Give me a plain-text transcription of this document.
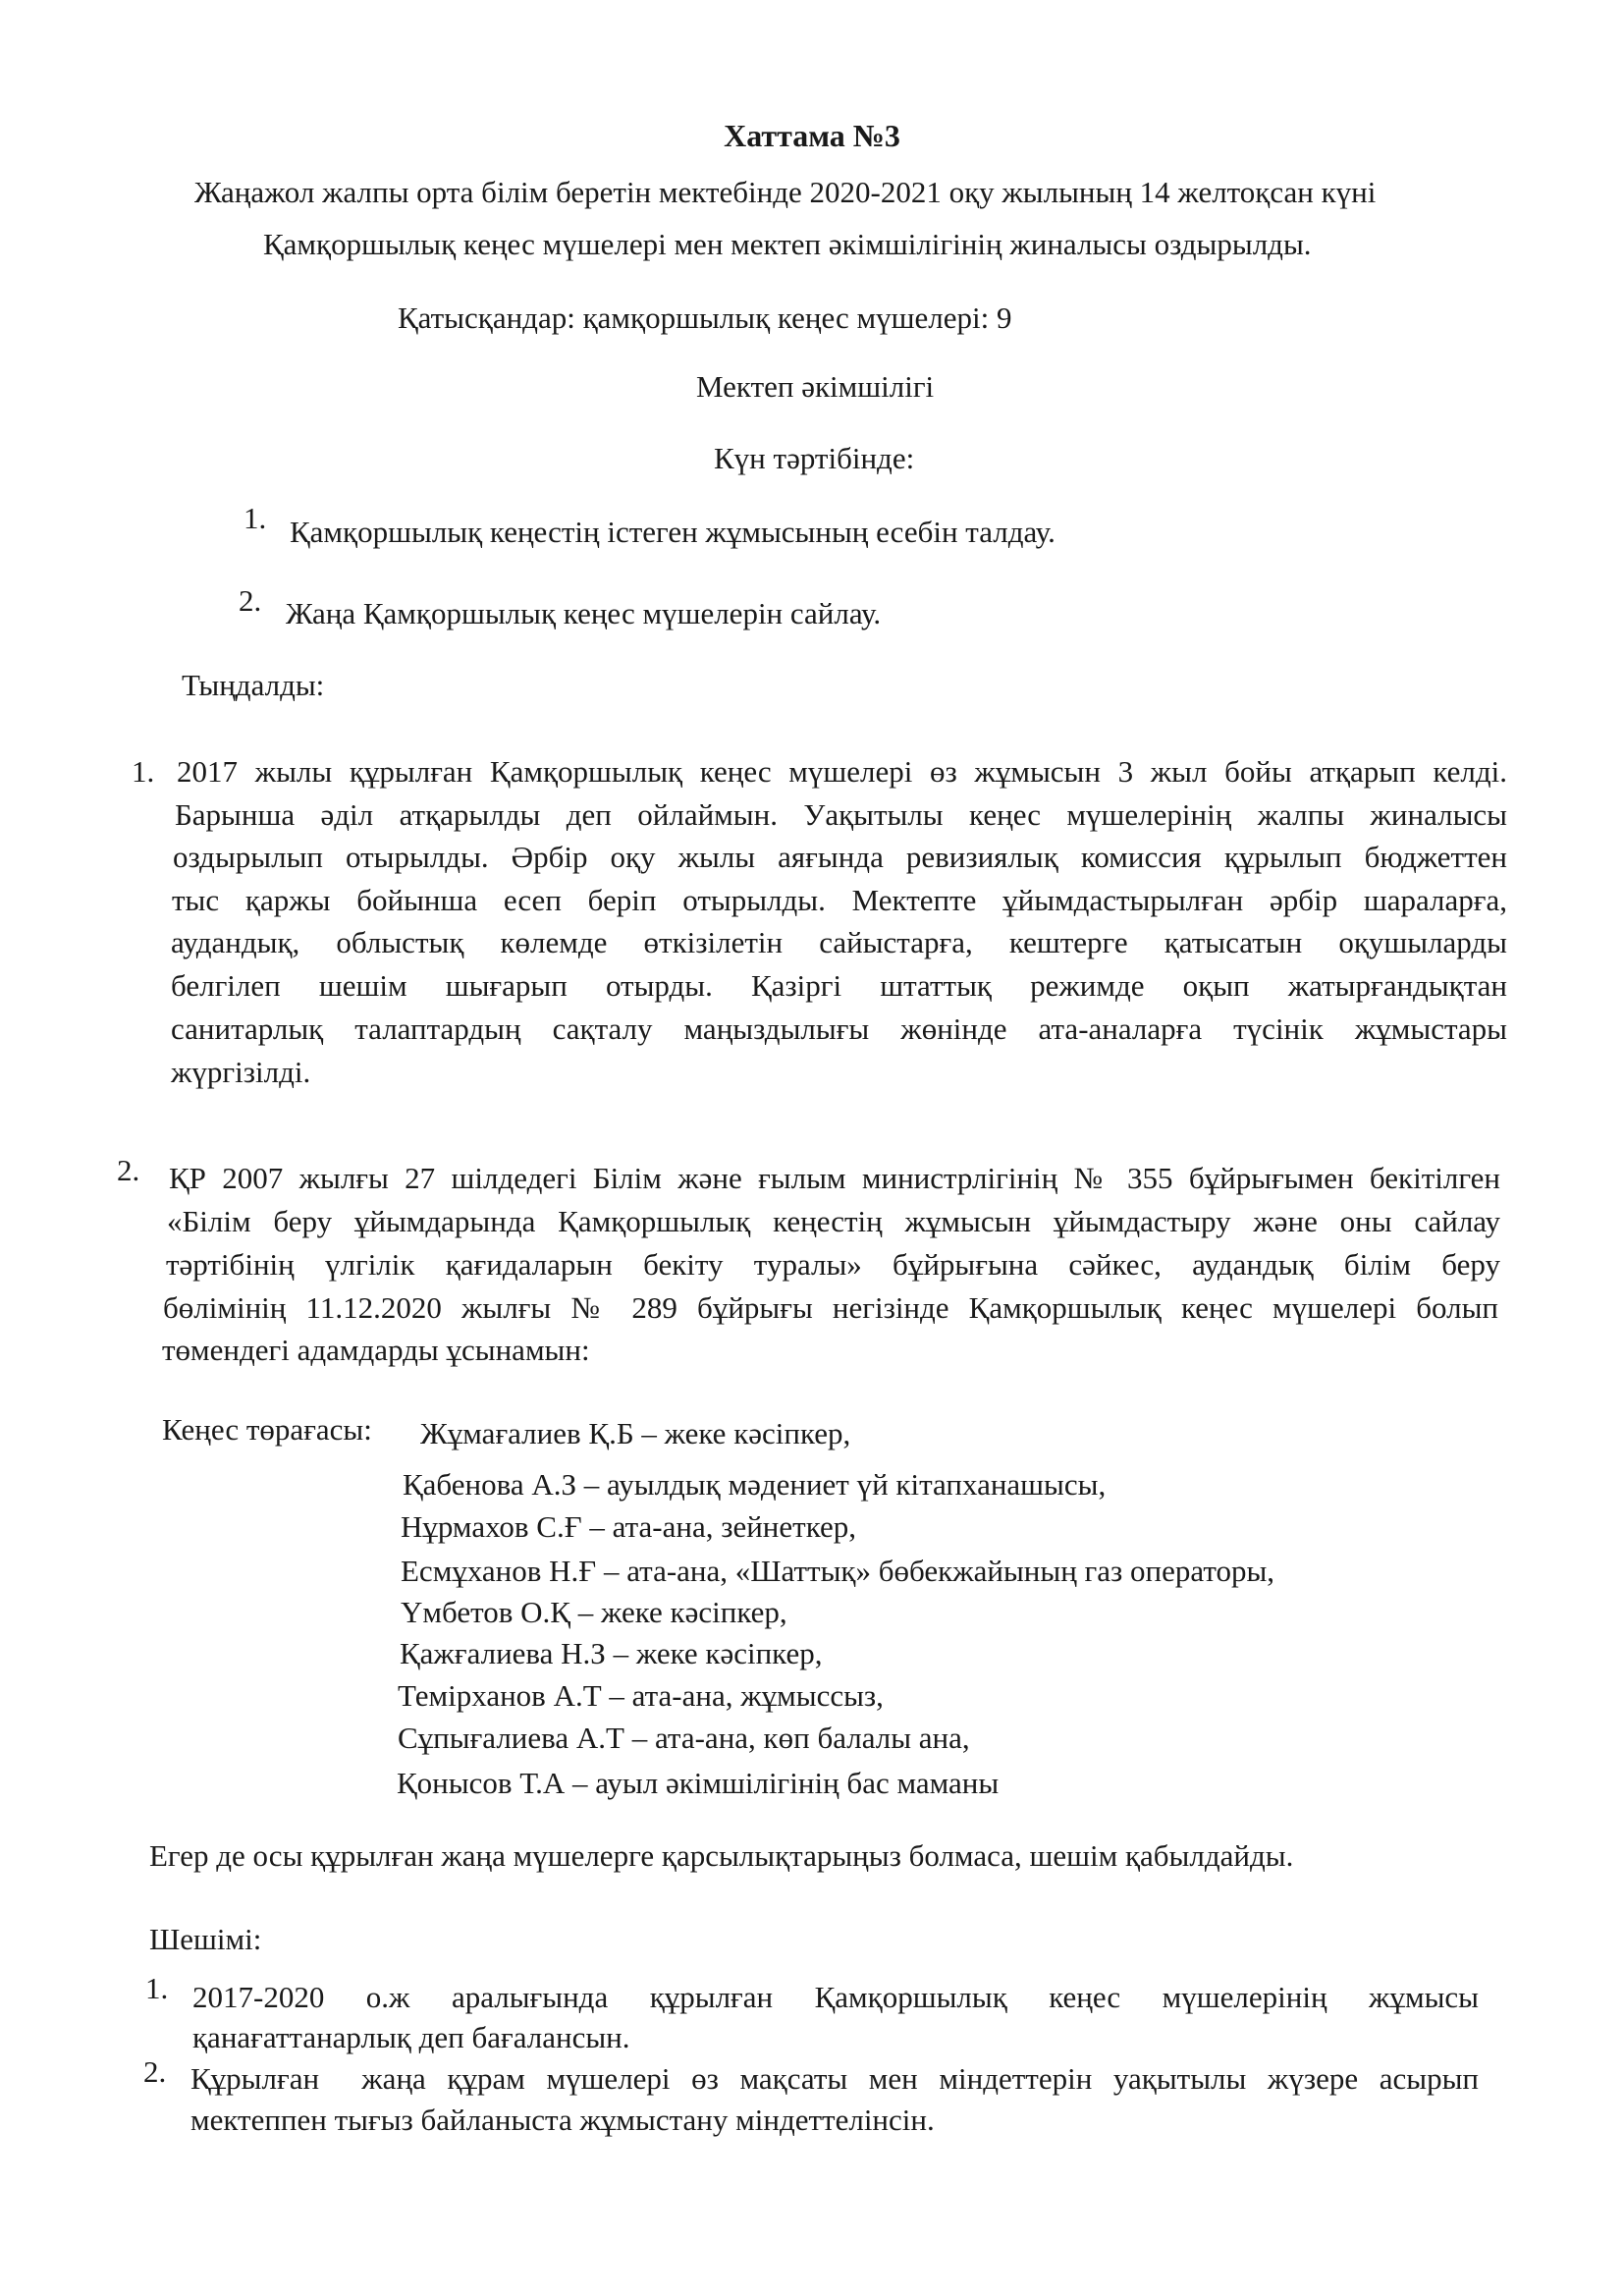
Хаттама №3
Жаңажол жалпы орта білім беретін мектебінде 2020-2021 оқу жылының 14 желтоқсан күні
Қамқоршылық кеңес мүшелері мен мектеп әкімшілігінің жиналысы оздырылды.
Қатысқандар: қамқоршылық кеңес мүшелері: 9
Мектеп әкімшілігі
Күн тәртібінде:
1. Қамқоршылық кеңестің істеген жұмысының есебін талдау.
2. Жаңа Қамқоршылық кеңес мүшелерін сайлау.
Тыңдалды:
1. 2017 жылы құрылған Қамқоршылық кеңес мүшелері өз жұмысын 3 жыл бойы атқарып келді.
Барынша әділ атқарылды деп ойлаймын. Уақытылы кеңес мүшелерінің жалпы жиналысы
оздырылып отырылды. Әрбір оқу жылы аяғында ревизиялық комиссия құрылып бюджеттен
тыс қаржы бойынша есеп беріп отырылды. Мектепте ұйымдастырылған әрбір шараларға,
аудандық, облыстық көлемде өткізілетін сайыстарға, кештерге қатысатын оқушыларды
белгілеп шешім шығарып отырды. Қазіргі штаттық режимде оқып жатырғандықтан
санитарлық талаптардың сақталу маңыздылығы жөнінде ата-аналарға түсінік жұмыстары
жүргізілді.
2. ҚР 2007 жылғы 27 шілдедегі Білім және ғылым министрлігінің № 355 бұйрығымен бекітілген
«Білім беру ұйымдарында Қамқоршылық кеңестің жұмысын ұйымдастыру және оны сайлау
тәртібінің үлгілік қағидаларын бекіту туралы» бұйрығына сәйкес, аудандық білім беру
бөлімінің 11.12.2020 жылғы № 289 бұйрығы негізінде Қамқоршылық кеңес мүшелері болып
төмендегі адамдарды ұсынамын:
Кеңес төрағасы: Жұмағалиев Қ.Б – жеке кәсіпкер,
Қабенова А.З – ауылдық мәдениет үй кітапханашысы,
Нұрмахов С.Ғ – ата-ана, зейнеткер,
Есмұханов Н.Ғ – ата-ана, «Шаттық» бөбекжайының газ операторы,
Үмбетов О.Қ – жеке кәсіпкер,
Қажғалиева Н.З – жеке кәсіпкер,
Темірханов А.Т – ата-ана, жұмыссыз,
Сұпығалиева А.Т – ата-ана, көп балалы ана,
Қонысов Т.А – ауыл әкімшілігінің бас маманы
Егер де осы құрылған жаңа мүшелерге қарсылықтарыңыз болмаса, шешім қабылдайды.
Шешімі:
1. 2017-2020 о.ж аралығында құрылған Қамқоршылық кеңес мүшелерінің жұмысы
қанағаттанарлық деп бағалансын.
2. Құрылған  жаңа құрам мүшелері өз мақсаты мен міндеттерін уақытылы жүзере асырып
мектеппен тығыз байланыста жұмыстану міндеттелінсін.
